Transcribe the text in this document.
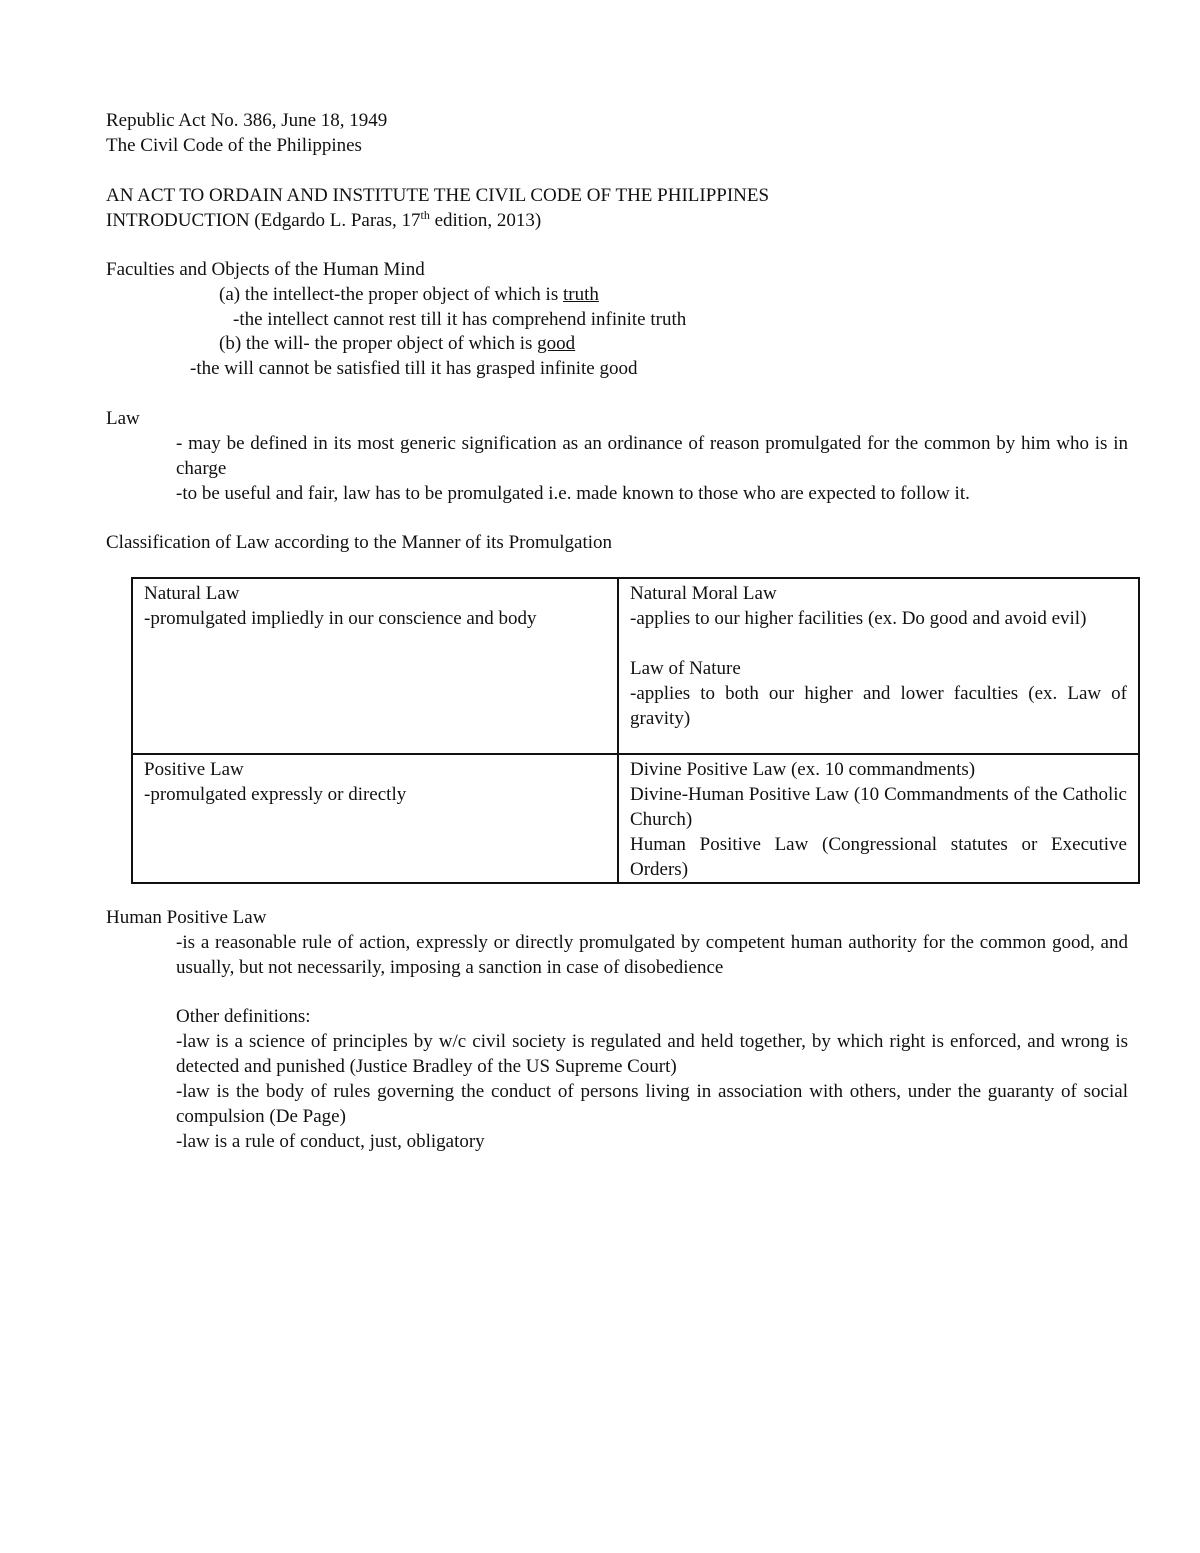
Republic Act No. 386, June 18, 1949
The Civil Code of the Philippines
AN ACT TO ORDAIN AND INSTITUTE THE CIVIL CODE OF THE PHILIPPINES
INTRODUCTION (Edgardo L. Paras, 17th edition, 2013)
Faculties and Objects of the Human Mind
(a) the intellect-the proper object of which is truth
-the intellect cannot rest till it has comprehend infinite truth
(b) the will- the proper object of which is good
-the will cannot be satisfied till it has grasped infinite good
Law
- may be defined in its most generic signification as an ordinance of reason promulgated for the common by him who is in charge
-to be useful and fair, law has to be promulgated i.e. made known to those who are expected to follow it.
Classification of Law according to the Manner of its Promulgation
Natural Law
-promulgated impliedly in our conscience and body	Natural Moral Law
-applies to our higher facilities (ex. Do good and avoid evil)
Law of Nature
-applies to both our higher and lower faculties (ex. Law of gravity)

Positive Law
-promulgated expressly or directly	Divine Positive Law (ex. 10 commandments)
Divine-Human Positive Law (10 Commandments of the Catholic Church)
Human Positive Law (Congressional statutes or Executive Orders)
Human Positive Law
-is a reasonable rule of action, expressly or directly promulgated by competent human authority for the common good, and usually, but not necessarily, imposing a sanction in case of disobedience
Other definitions:
-law is a science of principles by w/c civil society is regulated and held together, by which right is enforced, and wrong is detected and punished (Justice Bradley of the US Supreme Court)
-law is the body of rules governing the conduct of persons living in association with others, under the guaranty of social compulsion (De Page)
-law is a rule of conduct, just, obligatory
